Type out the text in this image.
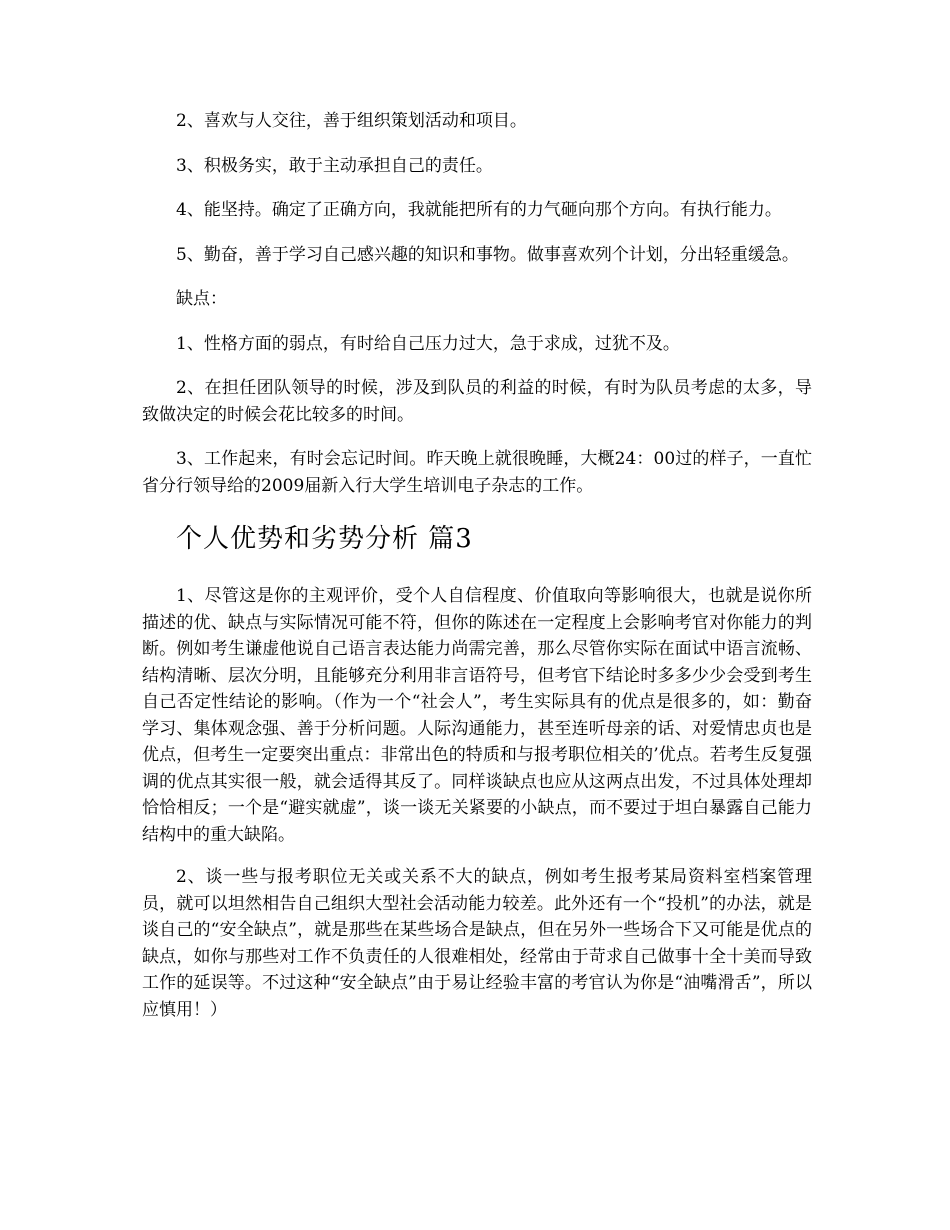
2、喜欢与人交往，善于组织策划活动和项目。

3、积极务实，敢于主动承担自己的责任。

4、能坚持。确定了正确方向，我就能把所有的力气砸向那个方向。有执行能力。

5、勤奋，善于学习自己感兴趣的知识和事物。做事喜欢列个计划，分出轻重缓急。

缺点：

1、性格方面的弱点，有时给自己压力过大，急于求成，过犹不及。

2、在担任团队领导的时候，涉及到队员的利益的时候，有时为队员考虑的太多，导致做决定的时候会花比较多的时间。

3、工作起来，有时会忘记时间。昨天晚上就很晚睡，大概24：00过的样子，一直忙省分行领导给的2009届新入行大学生培训电子杂志的工作。

个人优势和劣势分析 篇3

1、尽管这是你的主观评价，受个人自信程度、价值取向等影响很大，也就是说你所描述的优、缺点与实际情况可能不符，但你的陈述在一定程度上会影响考官对你能力的判断。例如考生谦虚他说自己语言表达能力尚需完善，那么尽管你实际在面试中语言流畅、结构清晰、层次分明，且能够充分利用非言语符号，但考官下结论时多多少少会受到考生自己否定性结论的影响。（作为一个“社会人”，考生实际具有的优点是很多的，如：勤奋学习、集体观念强、善于分析问题。人际沟通能力，甚至连听母亲的话、对爱情忠贞也是优点，但考生一定要突出重点：非常出色的特质和与报考职位相关的’优点。若考生反复强调的优点其实很一般，就会适得其反了。同样谈缺点也应从这两点出发，不过具体处理却恰恰相反；一个是“避实就虚”，谈一谈无关紧要的小缺点，而不要过于坦白暴露自己能力结构中的重大缺陷。

2、谈一些与报考职位无关或关系不大的缺点，例如考生报考某局资料室档案管理员，就可以坦然相告自己组织大型社会活动能力较差。此外还有一个“投机”的办法，就是谈自己的“安全缺点”，就是那些在某些场合是缺点，但在另外一些场合下又可能是优点的缺点，如你与那些对工作不负责任的人很难相处，经常由于苛求自己做事十全十美而导致工作的延误等。不过这种“安全缺点”由于易让经验丰富的考官认为你是“油嘴滑舌”，所以应慎用！）
